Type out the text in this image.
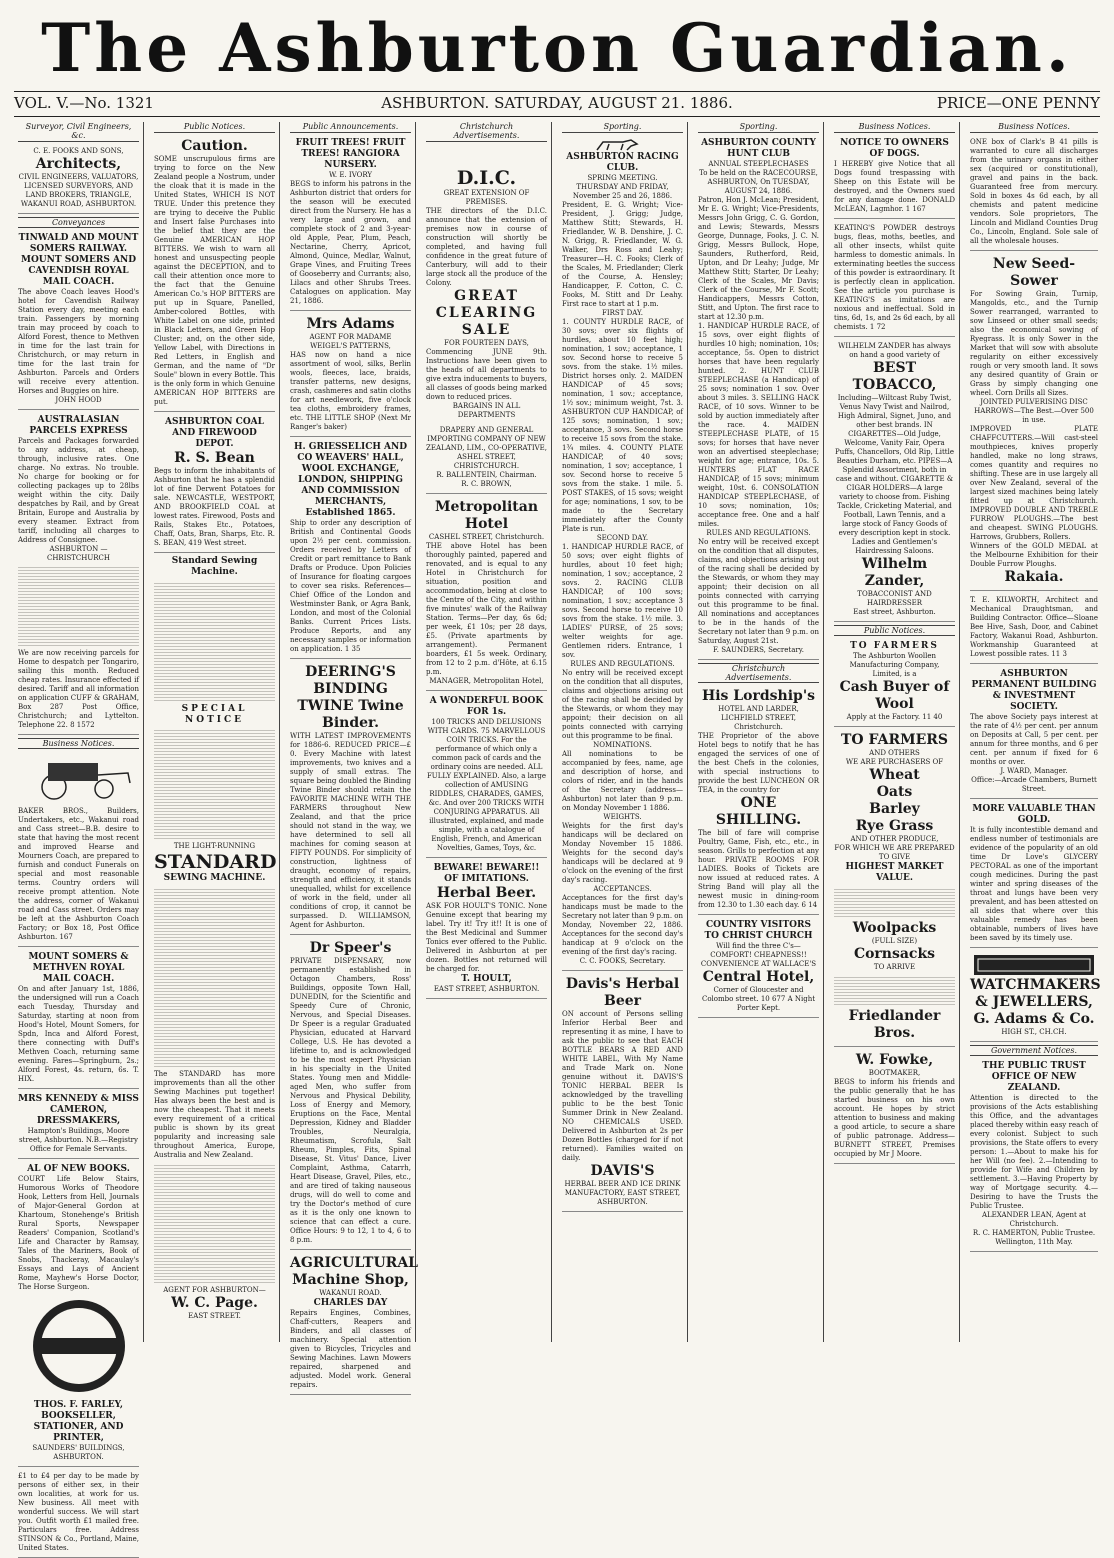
The Ashburton Guardian.
VOL. V.—No. 1321	ASHBURTON. SATURDAY, AUGUST 21. 1886.	PRICE—ONE PENNY
Surveyor, Civil Engineers, &c.
C. E. FOOKS AND SONS,
Architects,
CIVIL ENGINEERS, VALUATORS, LICENSED SURVEYORS, AND LAND BROKERS, TRIANGLE, WAKANUI ROAD, ASHBURTON.
Conveyances
TINWALD AND MOUNT SOMERS RAILWAY. MOUNT SOMERS AND CAVENDISH ROYAL MAIL COACH.
The above Coach leaves Hood's hotel for Cavendish Railway Station every day, meeting each train. Passengers by morning train may proceed by coach to Alford Forest, thence to Methven in time for the last train for Christchurch, or may return in time for the last train for Ashburton. Parcels and Orders will receive every attention. Horses and Buggies on hire.
JOHN HOOD
AUSTRALASIAN PARCELS EXPRESS
Parcels and Packages forwarded to any address, at cheap, through, inclusive rates. One charge. No extras. No trouble. No charge for booking or for collecting packages up to 28lbs weight within the city. Daily despatches by Rail, and by Great Britain, Europe and Australia by every steamer. Extract from tariff, including all charges to Address of Consignee.
ASHBURTON — CHRISTCHURCH
We are now receiving parcels for Home to despatch per Tongariro, sailing this month. Reduced cheap rates. Insurance effected if desired. Tariff and all information on application CUFF & GRAHAM, Box 287 Post Office, Christchurch; and Lyttelton. Telephone 22. 8 1572
Business Notices.
BAKER BROS., Builders, Undertakers, etc., Wakanui road and Cass street—B.B. desire to state that having the most recent and improved Hearse and Mourners Coach, are prepared to furnish and conduct Funerals on special and most reasonable terms. Country orders will receive prompt attention. Note the address, corner of Wakanui road and Cass street. Orders may be left at the Ashburton Coach Factory; or Box 18, Post Office Ashburton. 167
MOUNT SOMERS & METHVEN ROYAL MAIL COACH.
On and after January 1st, 1886, the undersigned will run a Coach each Tuesday, Thursday and Saturday, starting at noon from Hood's Hotel, Mount Somers, for Spdn, Inca and Alford Forest, there connecting with Duff's Methven Coach, returning same evening. Fares—Springburn, 2s.; Alford Forest, 4s. return, 6s. T. HIX.
MRS KENNEDY & MISS CAMERON, DRESSMAKERS,
Hampton's Buildings, Moore street, Ashburton. N.B.—Registry Office for Female Servants.
AL OF NEW BOOKS.
COURT Life Below Stairs, Humorous Works of Theodore Hook, Letters from Hell, Journals of Major-General Gordon at Khartoum, Stonehenge's British Rural Sports, Newspaper Readers' Companion, Scotland's Life and Character by Ramsay, Tales of the Mariners, Book of Snobs, Thackeray, Macaulay's Essays and Lays of Ancient Rome, Mayhew's Horse Doctor, The Horse Surgeon.
THOS. F. FARLEY, BOOKSELLER, STATIONER, AND PRINTER,
SAUNDERS' BUILDINGS, ASHBURTON.
£1 to £4 per day to be made by persons of either sex, in their own localities, at work for us. New business. All meet with wonderful success. We will start you. Outfit worth £1 mailed free. Particulars free. Address STINSON & Co., Portland, Maine, United States.
Public Notices.
Caution.
SOME unscrupulous firms are trying to force on the New Zealand people a Nostrum, under the cloak that it is made in the United States, WHICH IS NOT TRUE. Under this pretence they are trying to deceive the Public and Insert false Purchases into the belief that they are the Genuine AMERICAN HOP BITTERS. We wish to warn all honest and unsuspecting people against the DECEPTION, and to call their attention once more to the fact that the Genuine American Co.'s HOP BITTERS are put up in Square, Panelled, Amber-colored Bottles, with White Label on one side, printed in Black Letters, and Green Hop Cluster; and, on the other side, Yellow Label, with Directions in Red Letters, in English and German, and the name of "Dr Soule" blown in every Bottle. This is the only form in which Genuine AMERICAN HOP BITTERS are put.
ASHBURTON COAL AND FIREWOOD DEPOT.
R. S. Bean
Begs to inform the inhabitants of Ashburton that he has a splendid lot of fine Derwent Potatoes for sale. NEWCASTLE, WESTPORT, AND BROOKFIELD COAL at lowest rates. Firewood, Posts and Rails, Stakes Etc., Potatoes, Chaff, Oats, Bran, Sharps, Etc. R. S. BEAN, 419 West street.
Standard Sewing Machine.
SPECIAL NOTICE
THE LIGHT-RUNNING
STANDARD
SEWING MACHINE.
The STANDARD has more improvements than all the other Sewing Machines put together! Has always been the best and is now the cheapest. That it meets every requirement of a critical public is shown by its great popularity and increasing sale throughout America, Europe, Australia and New Zealand.
AGENT FOR ASHBURTON—
W. C. Page.
EAST STREET.
Public Announcements.
FRUIT TREES! FRUIT TREES! RANGIORA NURSERY.
W. E. IVORY
BEGS to inform his patrons in the Ashburton district that orders for the season will be executed direct from the Nursery. He has a very large and grown, and complete stock of 2 and 3-year-old Apple, Pear, Plum, Peach, Nectarine, Cherry, Apricot, Almond, Quince, Medlar, Walnut, Grape Vines, and Fruiting Trees of Gooseberry and Currants; also, Lilacs and other Shrubs Trees. Catalogues on application. May 21, 1886.
Mrs Adams
AGENT FOR MADAME WEIGEL'S PATTERNS,
HAS now on hand a nice assortment of wool, silks, Berlin wools, fleeces, lace, braids, transfer patterns, new designs, crash, cashmeres and satin cloths for art needlework, five o'clock tea cloths, embroidery frames, etc. THE LITTLE SHOP (Next Mr Ranger's baker)
H. GRIESSELICH AND CO WEAVERS' HALL, WOOL EXCHANGE, LONDON, SHIPPING AND COMMISSION MERCHANTS, Established 1865.
Ship to order any description of British and Continental Goods upon 2½ per cent. commission. Orders received by Letters of Credit or part remittance to Bank Drafts or Produce. Upon Policies of Insurance for floating cargoes to cover sea risks. References—Chief Office of the London and Westminster Bank, or Agra Bank, London, and most of the Colonial Banks. Current Prices Lists. Produce Reports, and any necessary samples or information on application. 1 35
DEERING'S BINDING TWINE Twine Binder.
WITH LATEST IMPROVEMENTS for 1886-6. REDUCED PRICE—£ 0. Every Machine with latest improvements, two knives and a supply of small extras. The square being doubled the Binding Twine Binder should retain the FAVORITE MACHINE WITH THE FARMERS throughout New Zealand, and that the price should not stand in the way, we have determined to sell all machines for coming season at FIFTY POUNDS. For simplicity of construction, lightness of draught, economy of repairs, strength and efficiency, it stands unequalled, whilst for excellence of work in the field, under all conditions of crop, it cannot be surpassed. D. WILLIAMSON, Agent for Ashburton.
Dr Speer's
PRIVATE DISPENSARY, now permanently established in Octagon Chambers, Ross' Buildings, opposite Town Hall, DUNEDIN, for the Scientific and Speedy Cure of Chronic, Nervous, and Special Diseases. Dr Speer is a regular Graduated Physician, educated at Harvard College, U.S. He has devoted a lifetime to, and is acknowledged to be the most expert Physician in his specialty in the United States. Young men and Middle-aged Men, who suffer from Nervous and Physical Debility, Loss of Energy and Memory, Eruptions on the Face, Mental Depression, Kidney and Bladder Troubles, Neuralgia, Rheumatism, Scrofula, Salt Rheum, Pimples, Fits, Spinal Disease, St. Vitus' Dance, Liver Complaint, Asthma, Catarrh, Heart Disease, Gravel, Piles, etc., and are tired of taking nauseous drugs, will do well to come and try the Doctor's method of cure as it is the only one known to science that can effect a cure. Office Hours: 9 to 12, 1 to 4, 6 to 8 p.m.
AGRICULTURAL Machine Shop,
WAKANUI ROAD.
CHARLES DAY
Repairs Engines, Combines, Chaff-cutters, Reapers and Binders, and all classes of machinery. Special attention given to Bicycles, Tricycles and Sewing Machines. Lawn Mowers repaired, sharpened and adjusted. Model work. General repairs.
Christchurch Advertisements.
D.I.C.
GREAT EXTENSION OF PREMISES.
THE directors of the D.I.C. announce that the extension of premises now in course of construction will shortly be completed, and having full confidence in the great future of Canterbury, will add to their large stock all the produce of the Colony.
GREAT CLEARING SALE
FOR FOURTEEN DAYS,
Commencing JUNE 9th. Instructions have been given to the heads of all departments to give extra inducements to buyers, all classes of goods being marked down to reduced prices.
BARGAINS IN ALL DEPARTMENTS
DRAPERY AND GENERAL IMPORTING COMPANY OF NEW ZEALAND, LIM., CO-OPERATIVE, ASHEL STREET, CHRISTCHURCH.
R. BALLENTEIN, Chairman.
R. C. BROWN,
Metropolitan Hotel
CASHEL STREET, Christchurch.
THE above Hotel has been thoroughly painted, papered and renovated, and is equal to any Hotel in Christchurch for situation, position and accommodation, being at close to the Centre of the City, and within five minutes' walk of the Railway Station. Terms—Per day, 6s 6d; per week, £1 10s; per 28 days, £5. (Private apartments by arrangement). Permanent boarders, £1 5s week. Ordinary, from 12 to 2 p.m. d'Hôte, at 6.15 p.m.
MANAGER, Metropolitan Hotel,
A WONDERFUL BOOK FOR 1s.
100 TRICKS AND DELUSIONS WITH CARDS. 75 MARVELLOUS COIN TRICKS. For the performance of which only a common pack of cards and the ordinary coins are needed. ALL FULLY EXPLAINED. Also, a large collection of AMUSING RIDDLES, CHARADES, GAMES, &c. And over 200 TRICKS WITH CONJURING APPARATUS. All illustrated, explained, and made simple, with a catalogue of English, French, and American Novelties, Games, Toys, &c.
BEWARE! BEWARE!! OF IMITATIONS.
Herbal Beer.
ASK FOR HOULT'S TONIC. None Genuine except that bearing my label. Try it! Try it!! It is one of the Best Medicinal and Summer Tonics ever offered to the Public. Delivered in Ashburton at per dozen. Bottles not returned will be charged for.
T. HOULT,
EAST STREET, ASHBURTON.
Sporting.
ASHBURTON RACING CLUB.
SPRING MEETING.
THURSDAY AND FRIDAY, November 25 and 26, 1886.
President, E. G. Wright; Vice-President, J. Grigg; Judge, Matthew Stitt; Stewards, H. Friedlander, W. B. Denshire, J. C. N. Grigg, R. Friedlander, W. G. Walker, Drs Ross and Leahy; Treasurer—H. C. Fooks; Clerk of the Scales, M. Friedlander; Clerk of the Course, A. Hensley; Handicapper, F. Cotton, C. C. Fooks, M. Stitt and Dr Leahy. First race to start at 1 p.m.
FIRST DAY.
1. COUNTY HURDLE RACE, of 30 sovs; over six flights of hurdles, about 10 feet high; nomination, 1 sov.; acceptance, 1 sov. Second horse to receive 5 sovs. from the stake. 1½ miles. District horses only. 2. MAIDEN HANDICAP of 45 sovs; nomination, 1 sov.; acceptance, 1½ sov.; minimum weight, 7st. 3. ASHBURTON CUP HANDICAP, of 125 sovs; nomination, 1 sov.; acceptance, 3 sovs. Second horse to receive 15 sovs from the stake. 1¾ miles. 4. COUNTY PLATE HANDICAP, of 40 sovs; nomination, 1 sov; acceptance, 1 sov. Second horse to receive 5 sovs from the stake. 1 mile. 5. POST STAKES, of 15 sovs; weight for age; nominations, 1 sov, to be made to the Secretary immediately after the County Plate is run.
SECOND DAY.
1. HANDICAP HURDLE RACE, of 50 sovs; over eight flights of hurdles, about 10 feet high; nomination, 1 sov.; acceptance, 2 sovs. 2. RACING CLUB HANDICAP, of 100 sovs; nomination, 1 sov.; acceptance 3 sovs. Second horse to receive 10 sovs from the stake. 1½ mile. 3. LADIES' PURSE, of 25 sovs; welter weights for age. Gentlemen riders. Entrance, 1 sov.
RULES AND REGULATIONS.
No entry will be received except on the condition that all disputes, claims and objections arising out of the racing shall be decided by the Stewards, or whom they may appoint; their decision on all points connected with carrying out this programme to be final.
NOMINATIONS.
All nominations to be accompanied by fees, name, age and description of horse, and colors of rider, and in the hands of the Secretary (address—Ashburton) not later than 9 p.m. on Monday November 1 1886.
WEIGHTS.
Weights for the first day's handicaps will be declared on Monday November 15 1886. Weights for the second day's handicaps will be declared at 9 o'clock on the evening of the first day's racing.
ACCEPTANCES.
Acceptances for the first day's handicaps must be made to the Secretary not later than 9 p.m. on Monday, November 22, 1886. Acceptances for the second day's handicap at 9 o'clock on the evening of the first day's racing.
C. C. FOOKS, Secretary.
Davis's Herbal Beer
ON account of Persons selling Inferior Herbal Beer and representing it as mine, I have to ask the public to see that EACH BOTTLE BEARS A RED AND WHITE LABEL, With My Name and Trade Mark on. None genuine without it. DAVIS'S TONIC HERBAL BEER Is acknowledged by the travelling public to be the best Tonic Summer Drink in New Zealand. NO CHEMICALS USED. Delivered in Ashburton at 2s per Dozen Bottles (charged for if not returned). Families waited on daily.
DAVIS'S
HERBAL BEER AND ICE DRINK MANUFACTORY, EAST STREET, ASHBURTON.
Sporting.
ASHBURTON COUNTY HUNT CLUB
ANNUAL STEEPLECHASES
To be held on the RACECOURSE, ASHBURTON, On TUESDAY, AUGUST 24, 1886.
Patron, Hon J. McLean; President, Mr E. G. Wright; Vice-Presidents, Messrs John Grigg, C. G. Gordon, and Lewis; Stewards, Messrs George, Dunnage, Fooks, J. C. N. Grigg, Messrs Bullock, Hope, Saunders, Rutherford, Reid, Upton, and Dr Leahy; Judge, Mr Matthew Stitt; Starter, Dr Leahy; Clerk of the Scales, Mr Davis; Clerk of the Course, Mr F. Scott; Handicappers, Messrs Cotton, Stitt, and Upton. The first race to start at 12.30 p.m.
1. HANDICAP HURDLE RACE, of 15 sovs, over eight flights of hurdles 10 high; nomination, 10s; acceptance, 5s. Open to district horses that have been regularly hunted. 2. HUNT CLUB STEEPLECHASE (a Handicap) of 25 sovs; nomination 1 sov. Over about 3 miles. 3. SELLING HACK RACE, of 10 sovs. Winner to be sold by auction immediately after the race. 4. MAIDEN STEEPLECHASE PLATE, of 15 sovs; for horses that have never won an advertised steeplechase; weight for age; entrance, 10s. 5. HUNTERS FLAT RACE HANDICAP, of 15 sovs; minimum weight, 10st. 6. CONSOLATION HANDICAP STEEPLECHASE, of 10 sovs; nomination, 10s; acceptance free. One and a half miles.
RULES AND REGULATIONS.
No entry will be received except on the condition that all disputes, claims, and objections arising out of the racing shall be decided by the Stewards, or whom they may appoint; their decision on all points connected with carrying out this programme to be final. All nominations and acceptances to be in the hands of the Secretary not later than 9 p.m. on Saturday, August 21st.
F. SAUNDERS, Secretary.
Christchurch Advertisements.
His Lordship's
HOTEL AND LARDER, LICHFIELD STREET, Christchurch.
THE Proprietor of the above Hotel begs to notify that he has engaged the services of one of the best Chefs in the colonies, with special instructions to provide the best LUNCHEON OR TEA, in the country for
ONE SHILLING.
The bill of fare will comprise Poultry, Game, Fish, etc., etc., in season. Grills to perfection at any hour. PRIVATE ROOMS FOR LADIES. Books of Tickets are now issued at reduced rates. A String Band will play all the newest music in dining-room from 12.30 to 1.30 each day. 6 14
COUNTRY VISITORS TO CHRIST CHURCH
Will find the three C's—COMFORT! CHEAPNESS!! CONVENIENCE AT WALLACE'S
Central Hotel,
Corner of Gloucester and Colombo street. 10 677 A Night Porter Kept.
Business Notices.
NOTICE TO OWNERS OF DOGS.
I HEREBY give Notice that all Dogs found trespassing with Sheep on this Estate will be destroyed, and the Owners sued for any damage done. DONALD McLEAN, Lagmhor. 1 167
KEATING'S POWDER destroys bugs, fleas, moths, beetles, and all other insects, whilst quite harmless to domestic animals. In exterminating beetles the success of this powder is extraordinary. It is perfectly clean in application. See the article you purchase is KEATING'S as imitations are noxious and ineffectual. Sold in tins, 6d, 1s, and 2s 6d each, by all chemists. 1 72
WILHELM ZANDER has always on hand a good variety of
BEST TOBACCO,
Including—Wiltcast Ruby Twist, Venus Navy Twist and Nailrod, High Admiral, Signet, Juno, and other best brands. IN CIGARETTES—Old Judge, Welcome, Vanity Fair, Opera Puffs, Chancellors, Old Rip, Little Beauties Durham, etc. PIPES—A Splendid Assortment, both in case and without. CIGARETTE & CIGAR HOLDERS—A large variety to choose from. Fishing Tackle, Cricketing Material, and Football, Lawn Tennis, and a large stock of Fancy Goods of every description kept in stock. Ladies and Gentlemen's Hairdressing Saloons.
Wilhelm Zander,
TOBACCONIST AND HAIRDRESSER
East street, Ashburton.
Public Notices.
TO FARMERS
The Ashburton Woollen Manufacturing Company, Limited, is a
Cash Buyer of Wool
Apply at the Factory. 11 40
TO FARMERS
AND OTHERS
WE ARE PURCHASERS OF
Wheat
Oats
Barley
Rye Grass
AND OTHER PRODUCE,
FOR WHICH WE ARE PREPARED TO GIVE
HIGHEST MARKET VALUE.
Woolpacks
(FULL SIZE)
Cornsacks
TO ARRIVE
Friedlander Bros.
W. Fowke,
BOOTMAKER,
BEGS to inform his friends and the public generally that he has started business on his own account. He hopes by strict attention to business and making a good article, to secure a share of public patronage. Address—BURNETT STREET, Premises occupied by Mr J Moore.
Business Notices.
ONE box of Clark's B 41 pills is warranted to cure all discharges from the urinary organs in either sex (acquired or constitutional), gravel and pains in the back. Guaranteed free from mercury. Sold in boxes 4s 6d each, by all chemists and patent medicine vendors. Sole proprietors, The Lincoln and Midland Counties Drug Co., Lincoln, England. Sole sale of all the wholesale houses.
New Seed-Sower
For Sowing Grain, Turnip, Mangolds, etc., and the Turnip Sower rearranged, warranted to sow Linseed or other small seeds; also the economical sowing of Ryegrass. It is only Sower in the Market that will sow with absolute regularity on either excessively rough or very smooth land. It sows any desired quantity of Grain or Grass by simply changing one wheel. Corn Drills all Sizes.
JOINTED PULVERISING DISC HARROWS—The Best.—Over 500 in use.
IMPROVED PLATE CHAFFCUTTERS.—Will cast-steel mouthpieces, knives properly handled, make no long straws, comes quantity and requires no shifting. These are in use largely all over New Zealand, several of the largest sized machines being lately fitted up at Christchurch. IMPROVED DOUBLE AND TREBLE FURROW PLOUGHS.—The best and cheapest. SWING PLOUGHS. Harrows, Grubbers, Rollers.
Winners of the GOLD MEDAL at the Melbourne Exhibition for their Double Furrow Ploughs.
Rakaia.
T. E. KILWORTH, Architect and Mechanical Draughtsman, and Building Contractor. Office—Sloane Bee Hive, Sash, Door, and Cabinet Factory, Wakanui Road, Ashburton. Workmanship Guaranteed at Lowest possible rates. 11 3
ASHBURTON PERMANENT BUILDING & INVESTMENT SOCIETY.
The above Society pays interest at the rate of 4½ per cent. per annum on Deposits at Call, 5 per cent. per annum for three months, and 6 per cent. per annum if fixed for 6 months or over.
J. WARD, Manager.
Office:—Arcade Chambers, Burnett Street.
MORE VALUABLE THAN GOLD.
It is fully incontestible demand and endless number of testimonials are evidence of the popularity of an old time Dr Love's GLYCERY PECTORAL as one of the important cough medicines. During the past winter and spring diseases of the throat and lungs have been very prevalent, and has been attested on all sides that where over this valuable remedy has been obtainable, numbers of lives have been saved by its timely use.
WATCHMAKERS & JEWELLERS, G. Adams & Co.
HIGH ST., CH.CH.
Government Notices.
THE PUBLIC TRUST OFFICE OF NEW ZEALAND.
Attention is directed to the provisions of the Acts establishing this Office, and the advantages placed thereby within easy reach of every colonist. Subject to such provisions, the State offers to every person: 1.—About to make his for her Will (no fee). 2.—Intending to provide for Wife and Children by settlement. 3.—Having Property by way of Mortgage security. 4.—Desiring to have the Trusts the Public Trustee.
ALEXANDER LEAN, Agent at Christchurch.
R. C. HAMERTON, Public Trustee.
Wellington, 11th May.
